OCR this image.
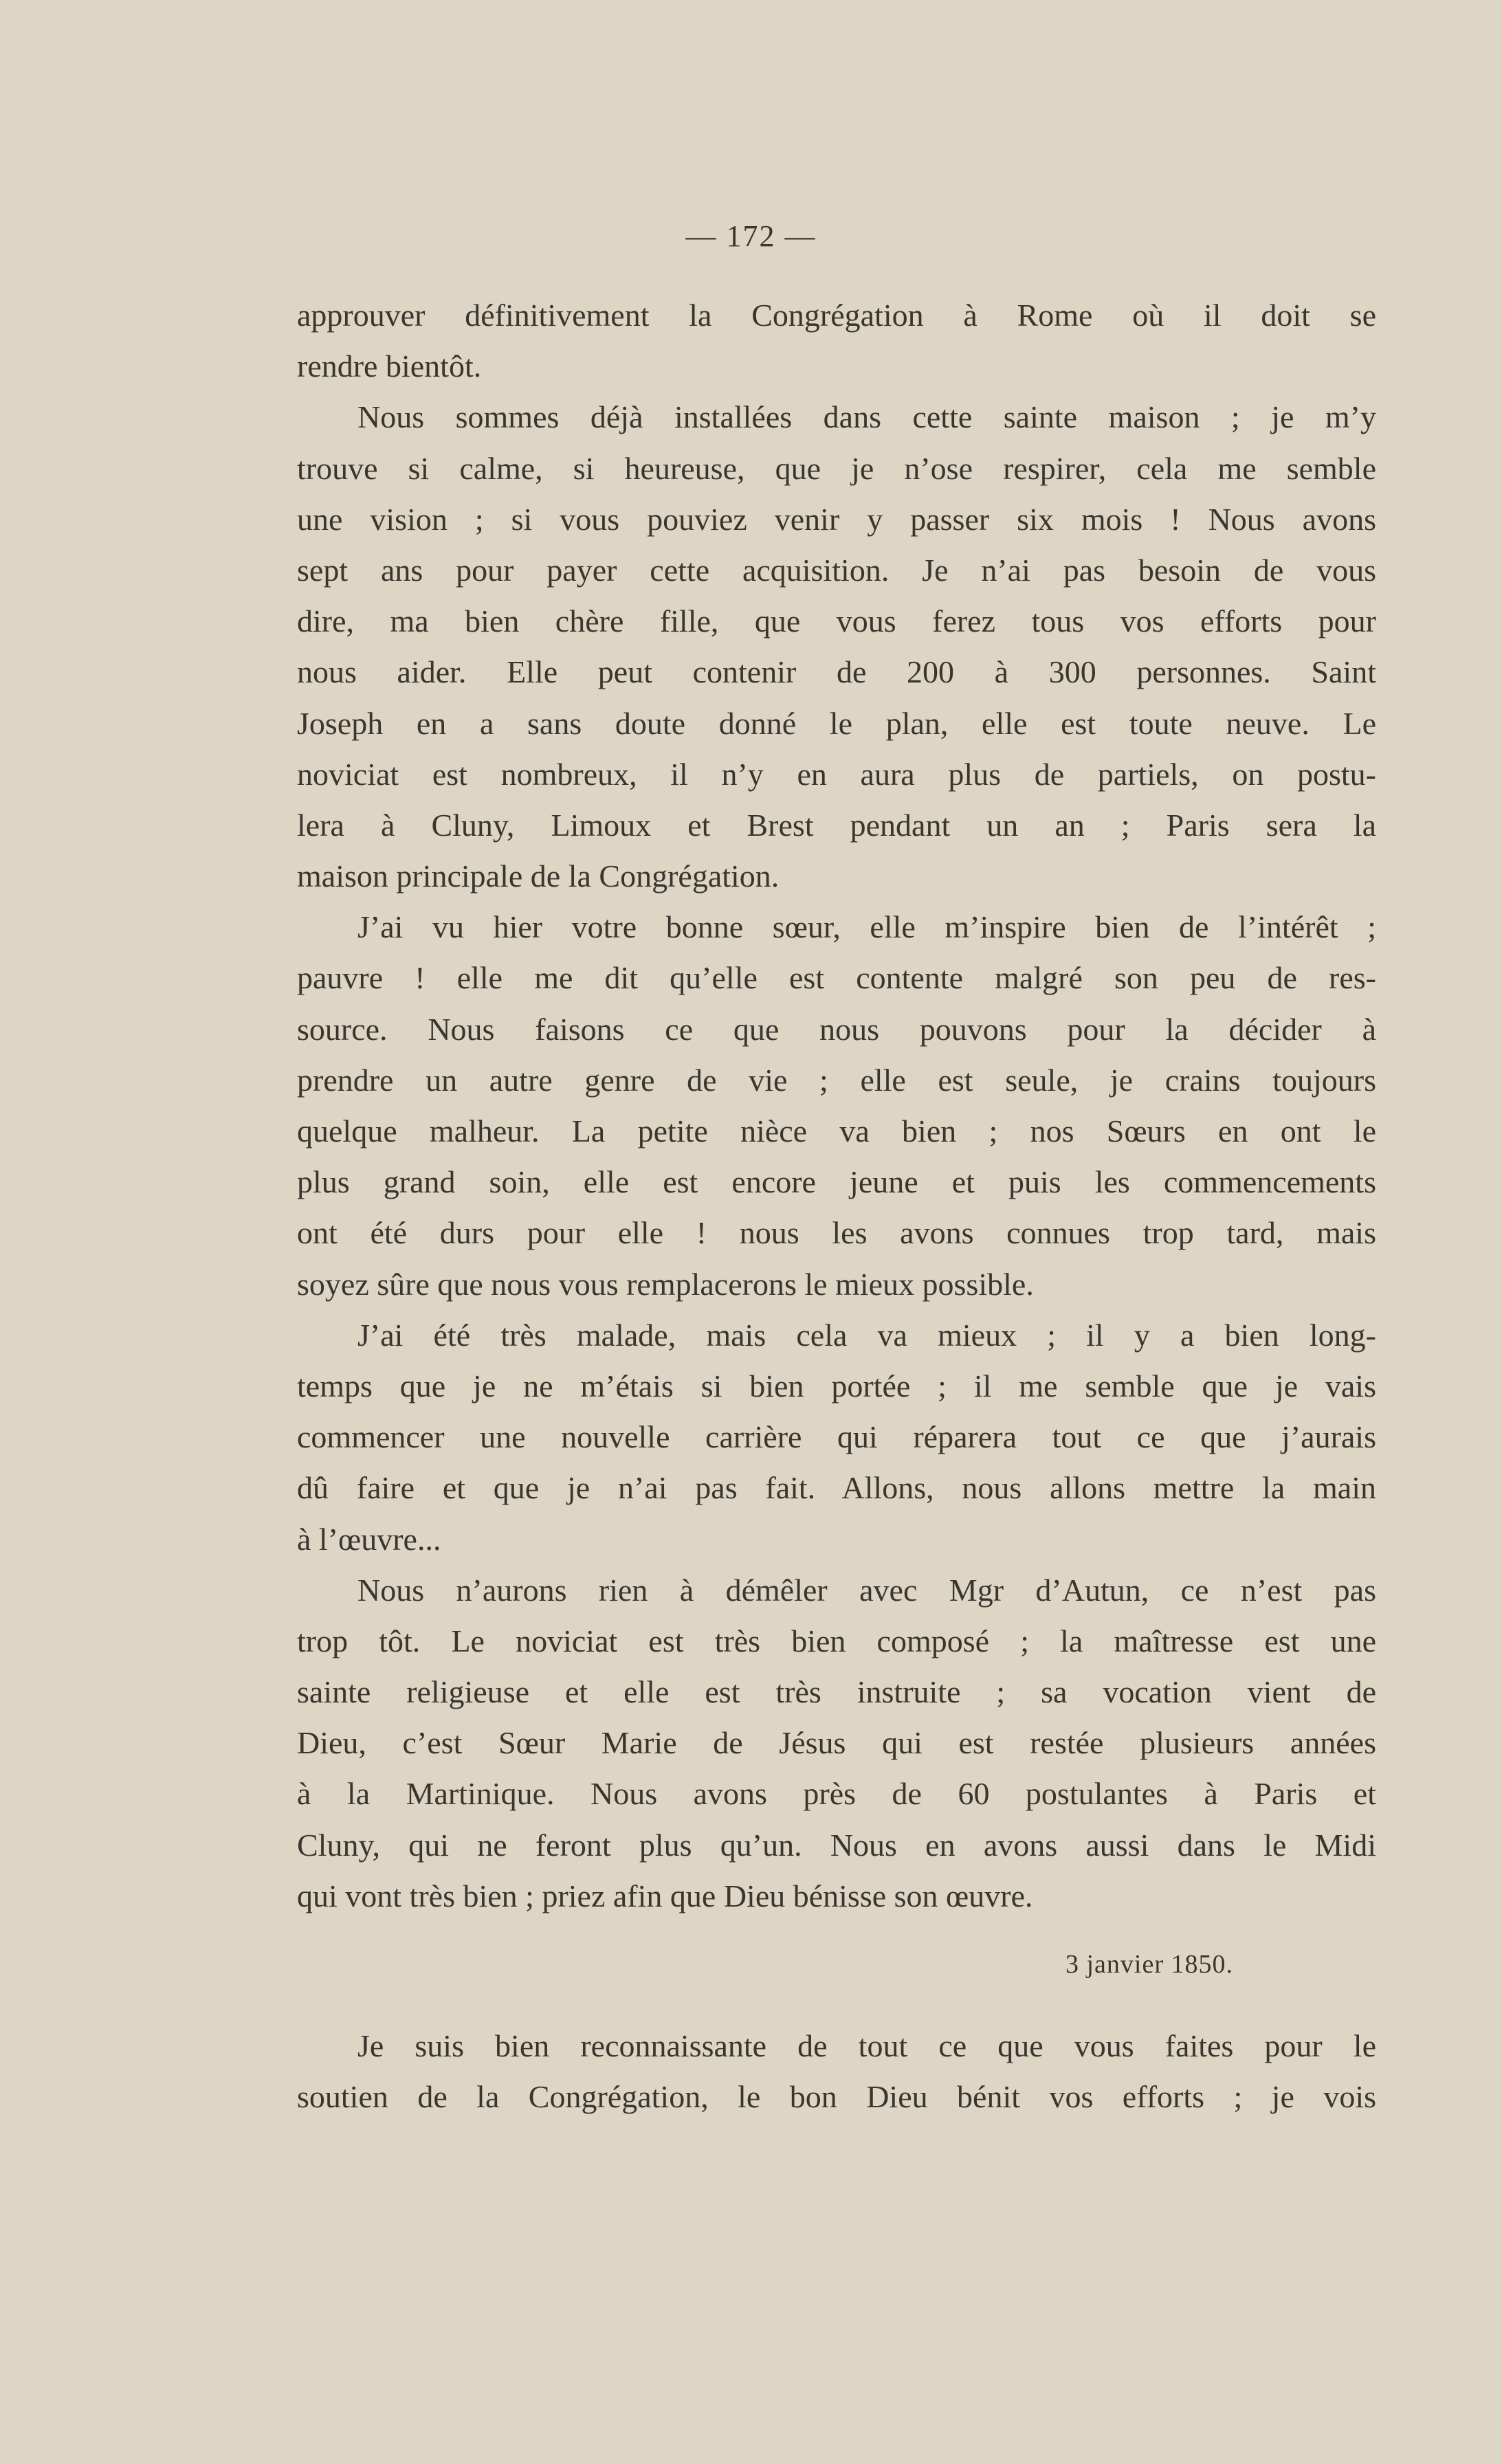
— 172 —
approuver définitivement la Congrégation à Rome où il doit se
rendre bientôt.
Nous sommes déjà installées dans cette sainte maison ; je m’y
trouve si calme, si heureuse, que je n’ose respirer, cela me semble
une vision ; si vous pouviez venir y passer six mois ! Nous avons
sept ans pour payer cette acquisition. Je n’ai pas besoin de vous
dire, ma bien chère fille, que vous ferez tous vos efforts pour
nous aider. Elle peut contenir de 200 à 300 personnes. Saint
Joseph en a sans doute donné le plan, elle est toute neuve. Le
noviciat est nombreux, il n’y en aura plus de partiels, on postu-
lera à Cluny, Limoux et Brest pendant un an ; Paris sera la
maison principale de la Congrégation.
J’ai vu hier votre bonne sœur, elle m’inspire bien de l’intérêt ;
pauvre ! elle me dit qu’elle est contente malgré son peu de res-
source. Nous faisons ce que nous pouvons pour la décider à
prendre un autre genre de vie ; elle est seule, je crains toujours
quelque malheur. La petite nièce va bien ; nos Sœurs en ont le
plus grand soin, elle est encore jeune et puis les commencements
ont été durs pour elle ! nous les avons connues trop tard, mais
soyez sûre que nous vous remplacerons le mieux possible.
J’ai été très malade, mais cela va mieux ; il y a bien long-
temps que je ne m’étais si bien portée ; il me semble que je vais
commencer une nouvelle carrière qui réparera tout ce que j’aurais
dû faire et que je n’ai pas fait. Allons, nous allons mettre la main
à l’œuvre...
Nous n’aurons rien à démêler avec Mgr d’Autun, ce n’est pas
trop tôt. Le noviciat est très bien composé ; la maîtresse est une
sainte religieuse et elle est très instruite ; sa vocation vient de
Dieu, c’est Sœur Marie de Jésus qui est restée plusieurs années
à la Martinique. Nous avons près de 60 postulantes à Paris et
Cluny, qui ne feront plus qu’un. Nous en avons aussi dans le Midi
qui vont très bien ; priez afin que Dieu bénisse son œuvre.
3 janvier 1850.
Je suis bien reconnaissante de tout ce que vous faites pour le
soutien de la Congrégation, le bon Dieu bénit vos efforts ; je vois
